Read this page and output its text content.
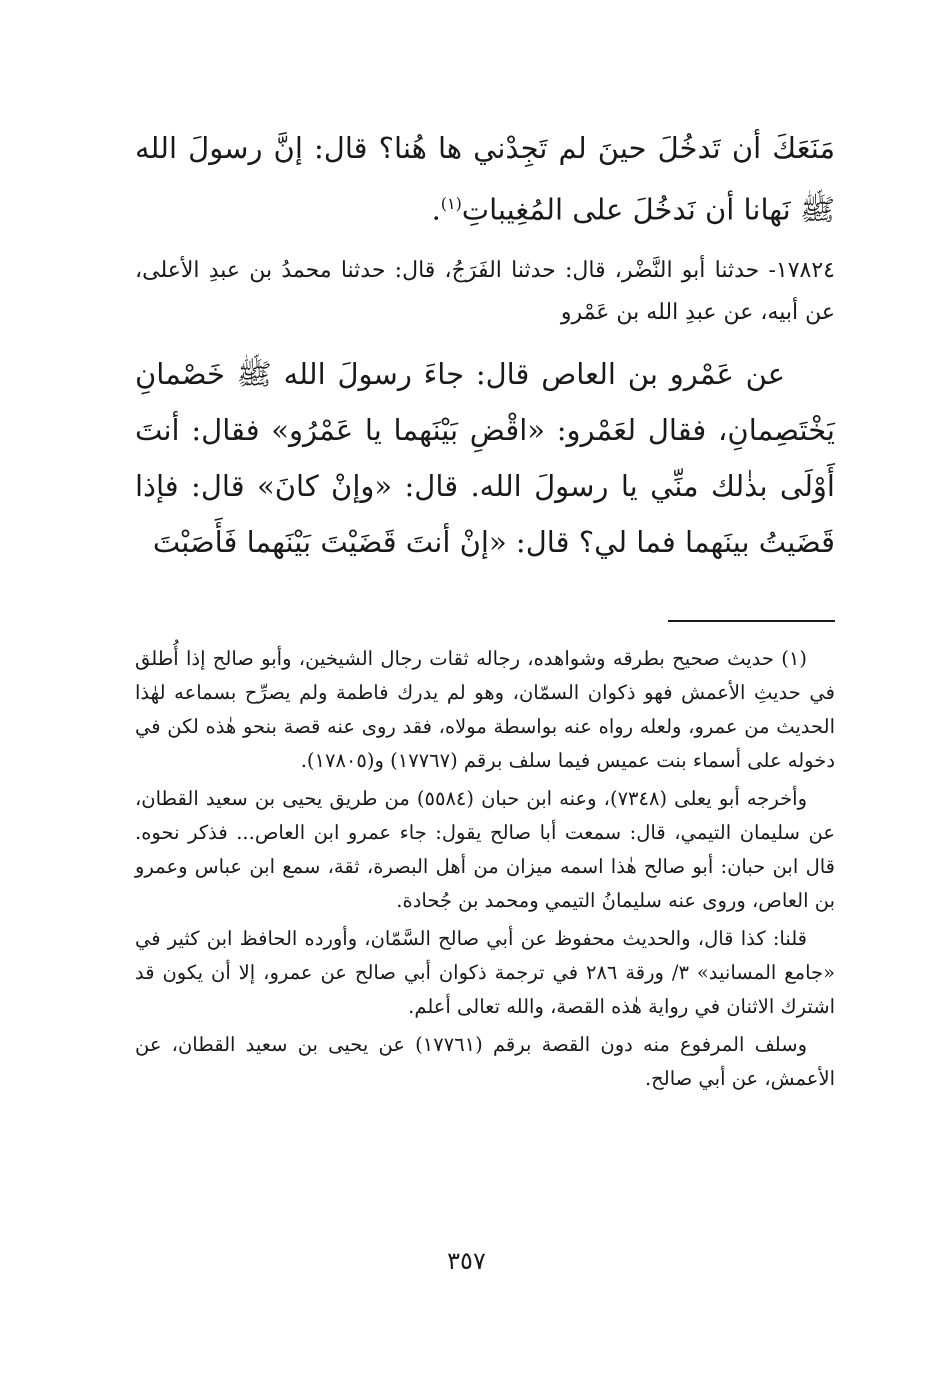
مَنَعَكَ أن تَدخُلَ حينَ لم تَجِدْني ها هُنا؟ قال: إنَّ رسولَ الله ﷺ نَهانا أن نَدخُلَ على المُغِيباتِ$^{(١)}$.

١٧٨٢٤- حدثنا أبو النَّضْر، قال: حدثنا الفَرَجُ، قال: حدثنا محمدُ بن عبدِ الأعلى، عن أبيه، عن عبدِ الله بن عَمْرو

عن عَمْرو بن العاص قال: جاءَ رسولَ الله ﷺ خَصْمانِ يَخْتَصِمانِ، فقال لعَمْرو: «اقْضِ بَيْنَهما يا عَمْرُو» فقال: أنتَ أَوْلَى بذٰلك منِّي يا رسولَ الله. قال: «وإنْ كانَ» قال: فإذا قَضَيتُ بينَهما فما لي؟ قال: «إنْ أنتَ قَضَيْتَ بَيْنَهما فَأَصَبْتَ

(١) حديث صحيح بطرقه وشواهده، رجاله ثقات رجال الشيخين، وأبو صالح إذا أُطلق في حديثِ الأعمش فهو ذكوان السمّان، وهو لم يدرك فاطمة ولم يصرِّح بسماعه لهٰذا الحديث من عمرو، ولعله رواه عنه بواسطة مولاه، فقد روى عنه قصة بنحو هٰذه لكن في دخوله على أسماء بنت عميس فيما سلف برقم (١٧٧٦٧) و(١٧٨٠٥).

وأخرجه أبو يعلى (٧٣٤٨)، وعنه ابن حبان (٥٥٨٤) من طريق يحيى بن سعيد القطان، عن سليمان التيمي، قال: سمعت أبا صالح يقول: جاء عمرو ابن العاص... فذكر نحوه. قال ابن حبان: أبو صالح هٰذا اسمه ميزان من أهل البصرة، ثقة، سمع ابن عباس وعمرو بن العاص، وروى عنه سليمانُ التيمي ومحمد بن جُحادة.

قلنا: كذا قال، والحديث محفوظ عن أبي صالح السَّمّان، وأورده الحافظ ابن كثير في «جامع المسانيد» ٣/ ورقة ٢٨٦ في ترجمة ذكوان أبي صالح عن عمرو، إلا أن يكون قد اشترك الاثنان في رواية هٰذه القصة، والله تعالى أعلم.

وسلف المرفوع منه دون القصة برقم (١٧٧٦١) عن يحيى بن سعيد القطان، عن الأعمش، عن أبي صالح.

٣٥٧
